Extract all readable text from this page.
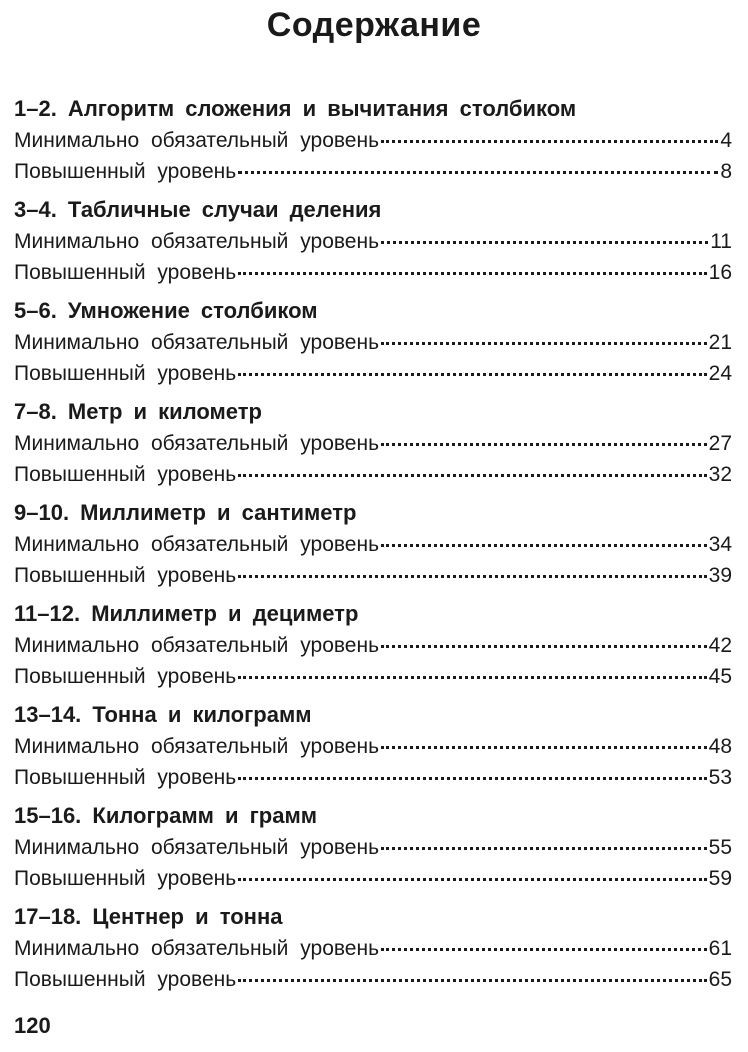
Содержание
1–2. Алгоритм сложения и вычитания столбиком
Минимально обязательный уровень	4
Повышенный уровень	8
3–4. Табличные случаи деления
Минимально обязательный уровень	11
Повышенный уровень	16
5–6. Умножение столбиком
Минимально обязательный уровень	21
Повышенный уровень	24
7–8. Метр и километр
Минимально обязательный уровень	27
Повышенный уровень	32
9–10. Миллиметр и сантиметр
Минимально обязательный уровень	34
Повышенный уровень	39
11–12. Миллиметр и дециметр
Минимально обязательный уровень	42
Повышенный уровень	45
13–14. Тонна и килограмм
Минимально обязательный уровень	48
Повышенный уровень	53
15–16. Килограмм и грамм
Минимально обязательный уровень	55
Повышенный уровень	59
17–18. Центнер и тонна
Минимально обязательный уровень	61
Повышенный уровень	65
120
